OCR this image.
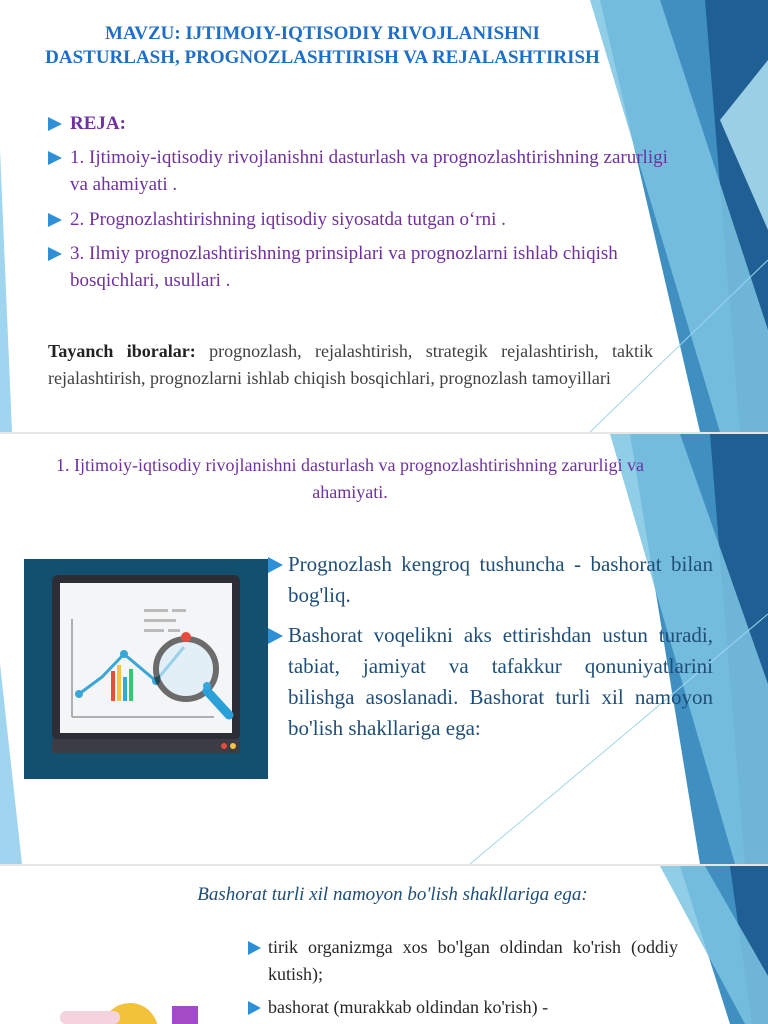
MAVZU: IJTIMOIY-IQTISODIY RIVOJLANISHNI DASTURLASH, PROGNOZLASHTIRISH VA REJALASHTIRISH
REJA:
1. Ijtimoiy-iqtisodiy rivojlanishni dasturlash va prognozlashtirishning zarurligi va ahamiyati .
2. Prognozlashtirishning iqtisodiy siyosatda tutgan o‘rni .
3. Ilmiy prognozlashtirishning prinsiplari va prognozlarni ishlab chiqish bosqichlari, usullari .
Tayanch iboralar: prognozlash, rejalashtirish, strategik rejalashtirish, taktik rejalashtirish, prognozlarni ishlab chiqish bosqichlari, prognozlash tamoyillari
1. Ijtimoiy-iqtisodiy rivojlanishni dasturlash va prognozlashtirishning zarurligi va ahamiyati.
Prognozlash kengroq tushuncha - bashorat bilan bog'liq.
Bashorat voqelikni aks ettirishdan ustun turadi, tabiat, jamiyat va tafakkur qonuniyatlarini bilishga asoslanadi. Bashorat turli xil namoyon bo'lish shakllariga ega:
Bashorat turli xil namoyon bo'lish shakllariga ega:
tirik organizmga xos bo'lgan oldindan ko'rish (oddiy kutish);
bashorat (murakkab oldindan ko'rish) -
